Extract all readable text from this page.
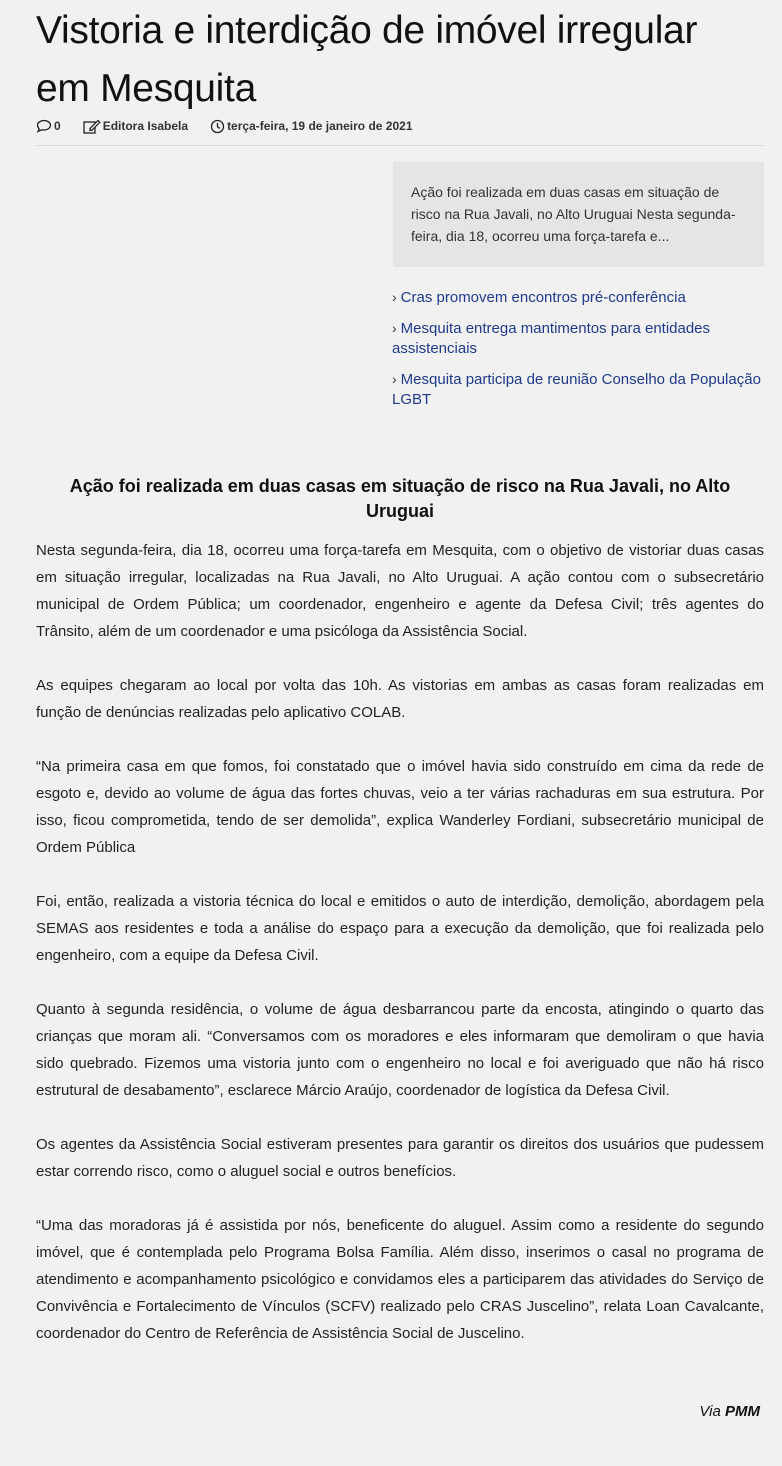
Vistoria e interdição de imóvel irregular em Mesquita
0	Editora Isabela	terça-feira, 19 de janeiro de 2021
Ação foi realizada em duas casas em situação de risco na Rua Javali, no Alto Uruguai Nesta segunda-feira, dia 18, ocorreu uma força-tarefa e...
› Cras promovem encontros pré-conferência
› Mesquita entrega mantimentos para entidades assistenciais
› Mesquita participa de reunião Conselho da População LGBT
Ação foi realizada em duas casas em situação de risco na Rua Javali, no Alto Uruguai

Nesta segunda-feira, dia 18, ocorreu uma força-tarefa em Mesquita, com o objetivo de vistoriar duas casas em situação irregular, localizadas na Rua Javali, no Alto Uruguai. A ação contou com o subsecretário municipal de Ordem Pública; um coordenador, engenheiro e agente da Defesa Civil; três agentes do Trânsito, além de um coordenador e uma psicóloga da Assistência Social.

As equipes chegaram ao local por volta das 10h. As vistorias em ambas as casas foram realizadas em função de denúncias realizadas pelo aplicativo COLAB.

“Na primeira casa em que fomos, foi constatado que o imóvel havia sido construído em cima da rede de esgoto e, devido ao volume de água das fortes chuvas, veio a ter várias rachaduras em sua estrutura. Por isso, ficou comprometida, tendo de ser demolida”, explica Wanderley Fordiani, subsecretário municipal de Ordem Pública

Foi, então, realizada a vistoria técnica do local e emitidos o auto de interdição, demolição, abordagem pela SEMAS aos residentes e toda a análise do espaço para a execução da demolição, que foi realizada pelo engenheiro, com a equipe da Defesa Civil.

Quanto à segunda residência, o volume de água desbarrancou parte da encosta, atingindo o quarto das crianças que moram ali. “Conversamos com os moradores e eles informaram que demoliram o que havia sido quebrado. Fizemos uma vistoria junto com o engenheiro no local e foi averiguado que não há risco estrutural de desabamento”, esclarece Márcio Araújo, coordenador de logística da Defesa Civil.

Os agentes da Assistência Social estiveram presentes para garantir os direitos dos usuários que pudessem estar correndo risco, como o aluguel social e outros benefícios.

“Uma das moradoras já é assistida por nós, beneficente do aluguel. Assim como a residente do segundo imóvel, que é contemplada pelo Programa Bolsa Família. Além disso, inserimos o casal no programa de atendimento e acompanhamento psicológico e convidamos eles a participarem das atividades do Serviço de Convivência e Fortalecimento de Vínculos (SCFV) realizado pelo CRAS Juscelino”, relata Loan Cavalcante, coordenador do Centro de Referência de Assistência Social de Juscelino.

Via PMM
